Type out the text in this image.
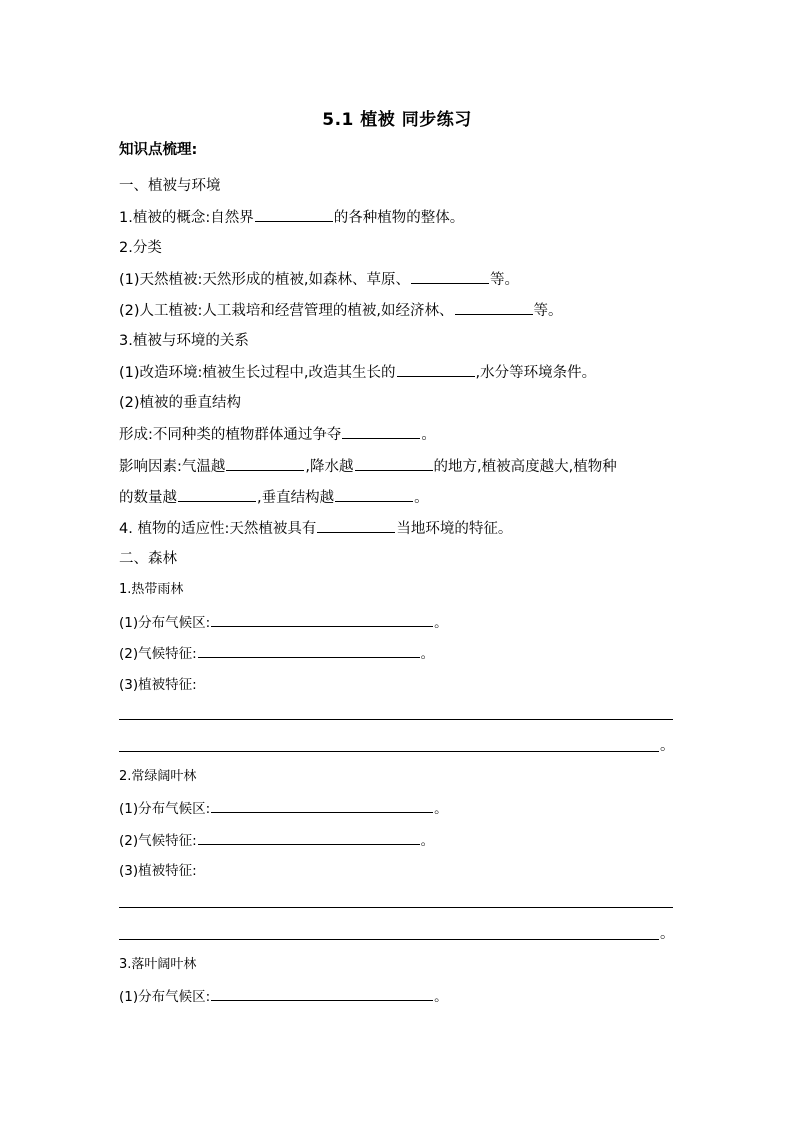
5.1 植被 同步练习
知识点梳理:
一、植被与环境
1.植被的概念:自然界	的各种植物的整体。
2.分类
(1)天然植被:天然形成的植被,如森林、草原、	等。
(2)人工植被:人工栽培和经营管理的植被,如经济林、	等。
3.植被与环境的关系
(1)改造环境:植被生长过程中,改造其生长的	,水分等环境条件。
(2)植被的垂直结构
形成:不同种类的植物群体通过争夺	。
影响因素:气温越	,降水越	的地方,植被高度越大,植物种
的数量越	,垂直结构越	。
4. 植物的适应性:天然植被具有	当地环境的特征。
二、森林
1.热带雨林
(1)分布气候区:	。
(2)气候特征:	。
(3)植被特征:
。
2.常绿阔叶林
(1)分布气候区:	。
(2)气候特征:	。
(3)植被特征:
。
3.落叶阔叶林
(1)分布气候区:	。
